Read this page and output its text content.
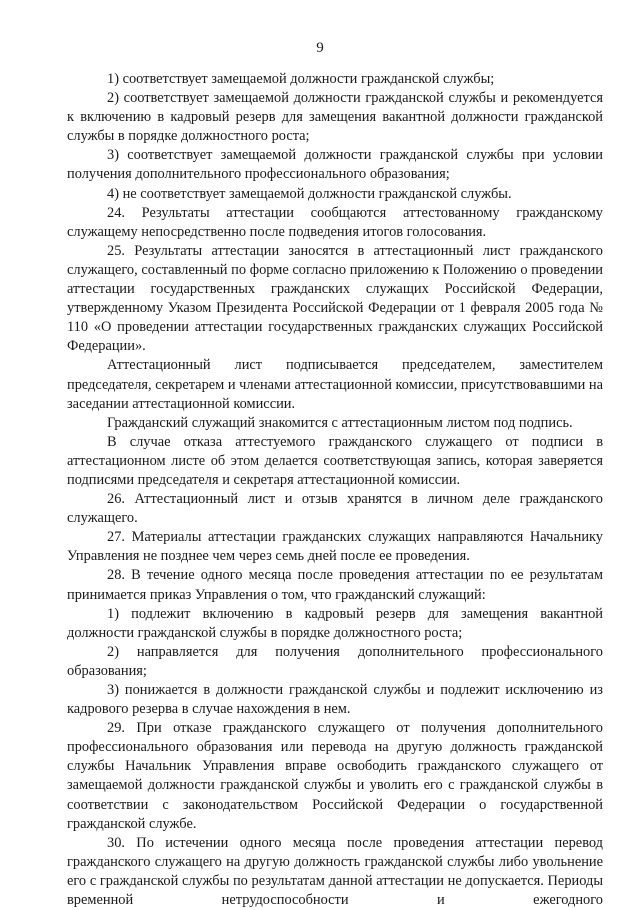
9

1) соответствует замещаемой должности гражданской службы;

2) соответствует замещаемой должности гражданской службы и рекомендуется к включению в кадровый резерв для замещения вакантной должности гражданской службы в порядке должностного роста;

3) соответствует замещаемой должности гражданской службы при условии получения дополнительного профессионального образования;

4) не соответствует замещаемой должности гражданской службы.

24. Результаты аттестации сообщаются аттестованному гражданскому служащему непосредственно после подведения итогов голосования.

25. Результаты аттестации заносятся в аттестационный лист гражданского служащего, составленный по форме согласно приложению к Положению о проведении аттестации государственных гражданских служащих Российской Федерации, утвержденному Указом Президента Российской Федерации от 1 февраля 2005 года № 110 «О проведении аттестации государственных гражданских служащих Российской Федерации».

Аттестационный лист подписывается председателем, заместителем председателя, секретарем и членами аттестационной комиссии, присутствовавшими на заседании аттестационной комиссии.

Гражданский служащий знакомится с аттестационным листом под подпись.

В случае отказа аттестуемого гражданского служащего от подписи в аттестационном листе об этом делается соответствующая запись, которая заверяется подписями председателя и секретаря аттестационной комиссии.

26. Аттестационный лист и отзыв хранятся в личном деле гражданского служащего.

27. Материалы аттестации гражданских служащих направляются Начальнику Управления не позднее чем через семь дней после ее проведения.

28. В течение одного месяца после проведения аттестации по ее результатам принимается приказ Управления о том, что гражданский служащий:

1) подлежит включению в кадровый резерв для замещения вакантной должности гражданской службы в порядке должностного роста;

2) направляется для получения дополнительного профессионального образования;

3) понижается в должности гражданской службы и подлежит исключению из кадрового резерва в случае нахождения в нем.

29. При отказе гражданского служащего от получения дополнительного профессионального образования или перевода на другую должность гражданской службы Начальник Управления вправе освободить гражданского служащего от замещаемой должности гражданской службы и уволить его с гражданской службы в соответствии с законодательством Российской Федерации о государственной гражданской службе.

30. По истечении одного месяца после проведения аттестации перевод гражданского служащего на другую должность гражданской службы либо увольнение его с гражданской службы по результатам данной аттестации не допускается. Периоды временной нетрудоспособности и ежегодного
